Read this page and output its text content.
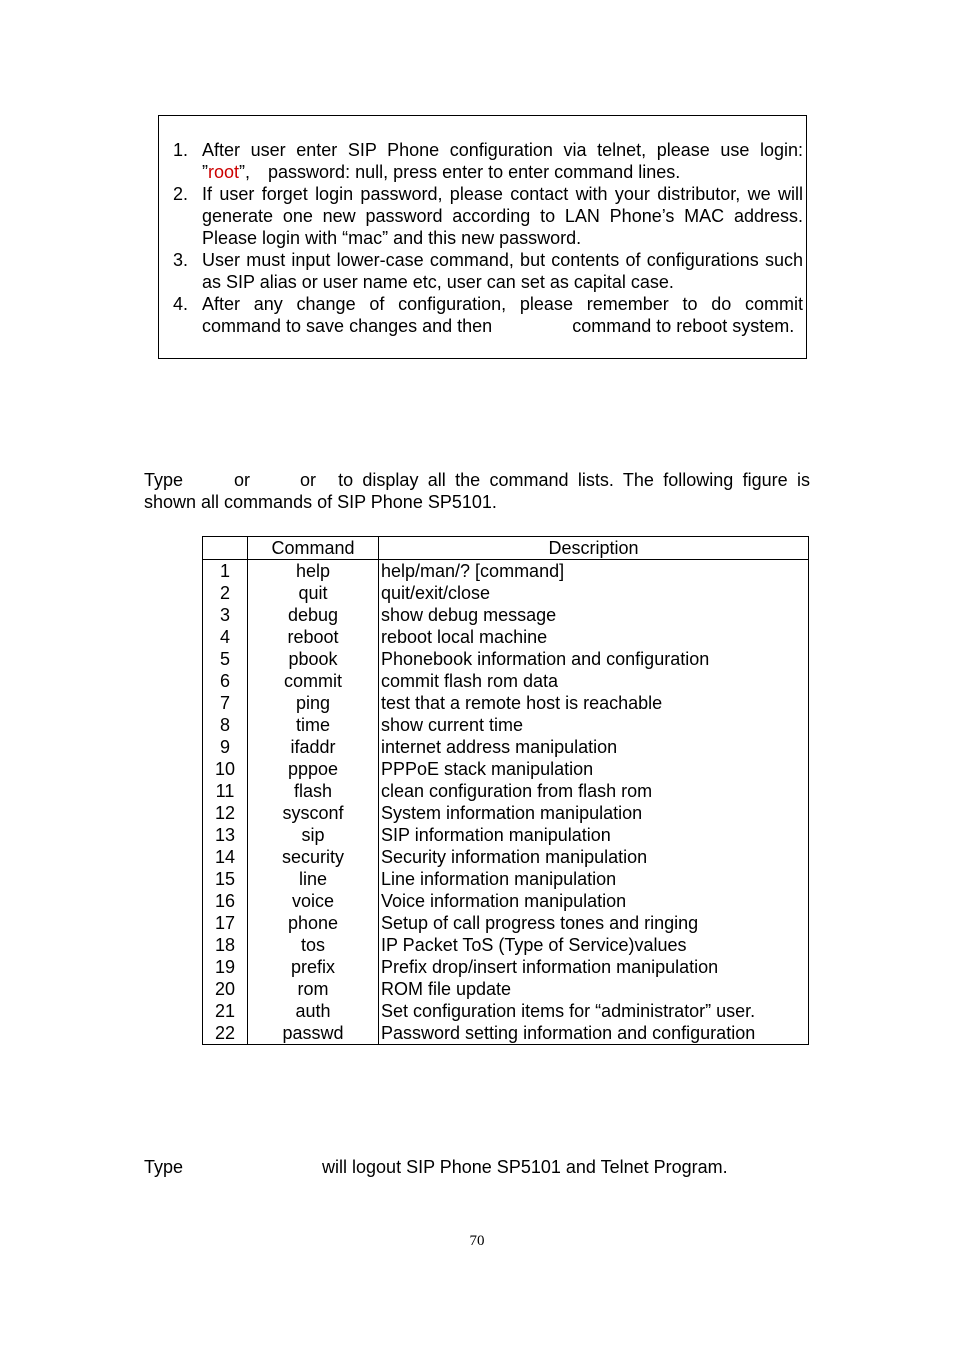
1. After user enter SIP Phone configuration via telnet, please use login: ”root”, password: null, press enter to enter command lines.
2. If user forget login password, please contact with your distributor, we will generate one new password according to LAN Phone’s MAC address. Please login with “mac” and this new password.
3. User must input lower-case command, but contents of configurations such as SIP alias or user name etc, user can set as capital case.
4. After any change of configuration, please remember to do commit command to save changes and then	command to reboot system.

Type	or	or to display all the command lists. The following figure is shown all commands of SIP Phone SP5101.

	Command	Description
1	help	help/man/? [command]
2	quit	quit/exit/close
3	debug	show debug message
4	reboot	reboot local machine
5	pbook	Phonebook information and configuration
6	commit	commit flash rom data
7	ping	test that a remote host is reachable
8	time	show current time
9	ifaddr	internet address manipulation
10	pppoe	PPPoE stack manipulation
11	flash	clean configuration from flash rom
12	sysconf	System information manipulation
13	sip	SIP information manipulation
14	security	Security information manipulation
15	line	Line information manipulation
16	voice	Voice information manipulation
17	phone	Setup of call progress tones and ringing
18	tos	IP Packet ToS (Type of Service)values
19	prefix	Prefix drop/insert information manipulation
20	rom	ROM file update
21	auth	Set configuration items for “administrator” user.
22	passwd	Password setting information and configuration

Type	will logout SIP Phone SP5101 and Telnet Program.

70
